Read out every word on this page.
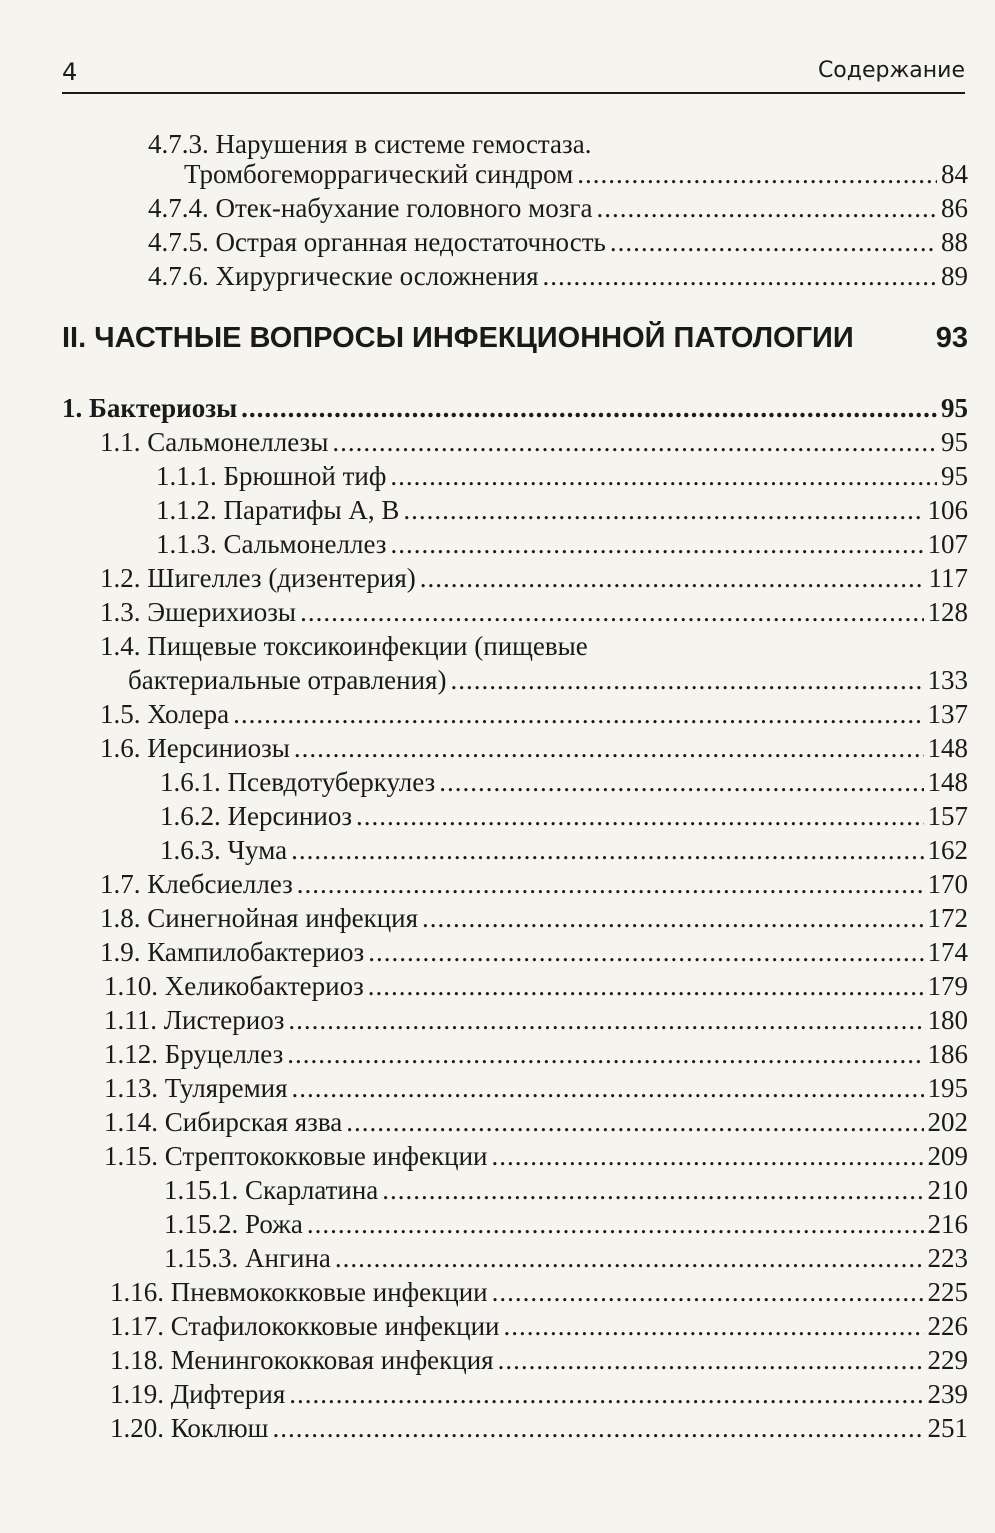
4	Содержание
4.7.3. Нарушения в системе гемостаза.
Тромбогеморрагический синдром .....	84
4.7.4. Отек-набухание головного мозга .....	86
4.7.5. Острая органная недостаточность .....	88
4.7.6. Хирургические осложнения .....	89
II. ЧАСТНЫЕ ВОПРОСЫ ИНФЕКЦИОННОЙ ПАТОЛОГИИ	93
1. Бактериозы .....	95
1.1. Сальмонеллезы .....	95
1.1.1. Брюшной тиф .....	95
1.1.2. Паратифы А, В .....	106
1.1.3. Сальмонеллез .....	107
1.2. Шигеллез (дизентерия) .....	117
1.3. Эшерихиозы .....	128
1.4. Пищевые токсикоинфекции (пищевые
бактериальные отравления) .....	133
1.5. Холера .....	137
1.6. Иерсиниозы .....	148
1.6.1. Псевдотуберкулез .....	148
1.6.2. Иерсиниоз .....	157
1.6.3. Чума .....	162
1.7. Клебсиеллез .....	170
1.8. Синегнойная инфекция .....	172
1.9. Кампилобактериоз .....	174
1.10. Хеликобактериоз .....	179
1.11. Листериоз .....	180
1.12. Бруцеллез .....	186
1.13. Туляремия .....	195
1.14. Сибирская язва .....	202
1.15. Стрептококковые инфекции .....	209
1.15.1. Скарлатина .....	210
1.15.2. Рожа .....	216
1.15.3. Ангина .....	223
1.16. Пневмококковые инфекции .....	225
1.17. Стафилококковые инфекции .....	226
1.18. Менингококковая инфекция .....	229
1.19. Дифтерия .....	239
1.20. Коклюш .....	251
